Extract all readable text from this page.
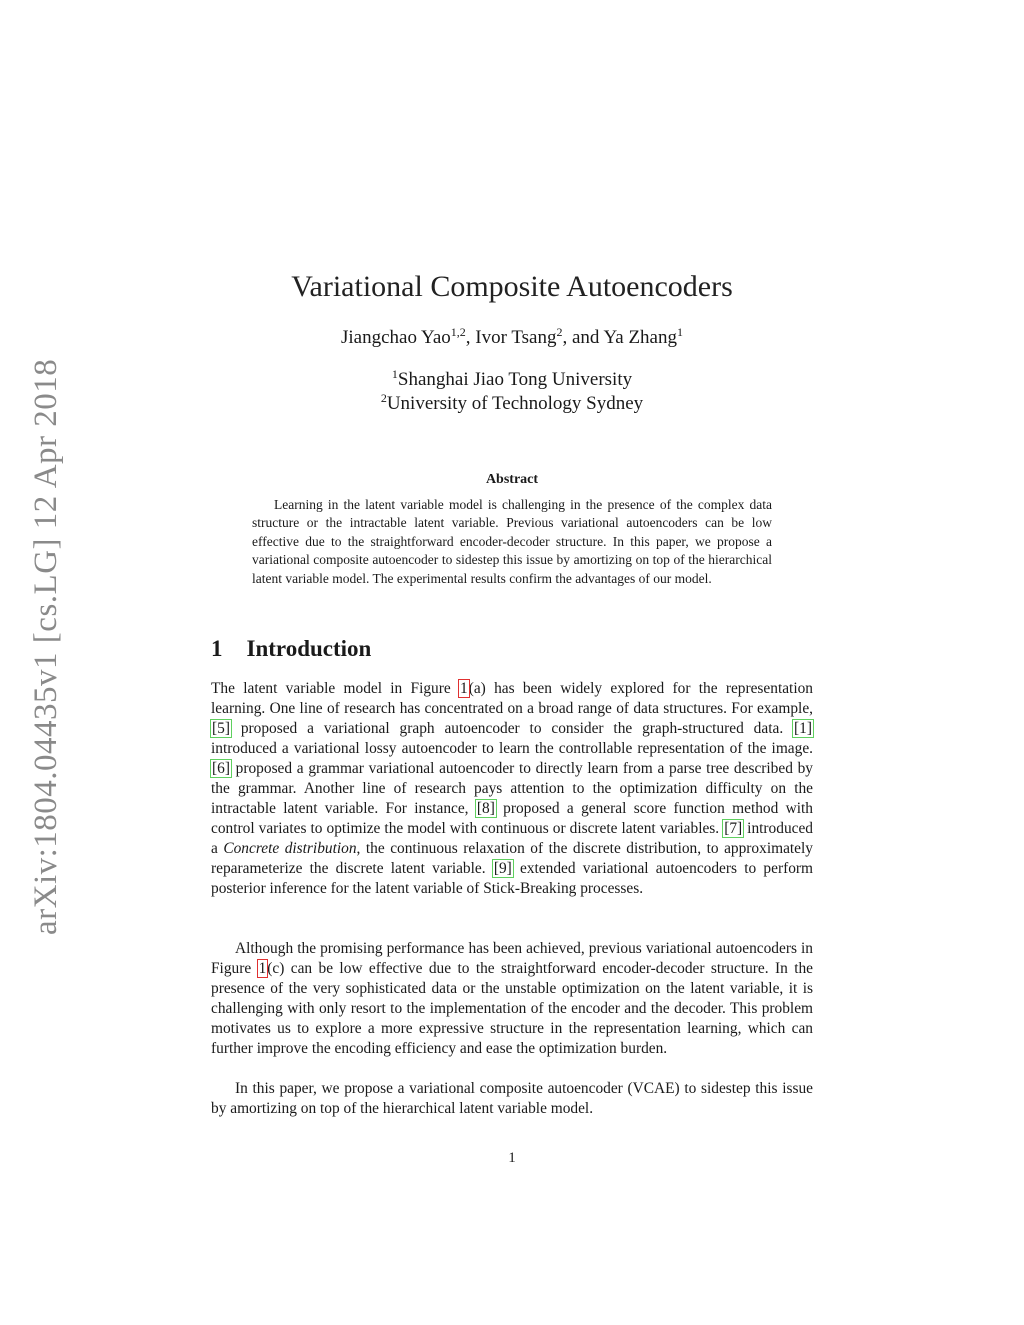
arXiv:1804.04435v1 [cs.LG] 12 Apr 2018
Variational Composite Autoencoders
Jiangchao Yao$^{1,2}$, Ivor Tsang$^2$, and Ya Zhang$^1$
$^1$Shanghai Jiao Tong University
$^2$University of Technology Sydney
Abstract
Learning in the latent variable model is challenging in the presence of the complex data structure or the intractable latent variable. Previous variational autoencoders can be low effective due to the straightforward encoder-decoder structure. In this paper, we propose a variational composite autoencoder to sidestep this issue by amortizing on top of the hierarchical latent variable model. The experimental results confirm the advantages of our model.
1 Introduction

The latent variable model in Figure 1(a) has been widely explored for the representation learning. One line of research has concentrated on a broad range of data structures. For example, [5] proposed a variational graph autoencoder to consider the graph-structured data. [1] introduced a variational lossy autoencoder to learn the controllable representation of the image. [6] proposed a grammar variational autoencoder to directly learn from a parse tree described by the grammar. Another line of research pays attention to the optimization difficulty on the intractable latent variable. For instance, [8] proposed a general score function method with control variates to optimize the model with continuous or discrete latent variables. [7] introduced a Concrete distribution, the continuous relaxation of the discrete distribution, to approximately reparameterize the discrete latent variable. [9] extended variational autoencoders to perform posterior inference for the latent variable of Stick-Breaking processes.

Although the promising performance has been achieved, previous variational autoencoders in Figure 1(c) can be low effective due to the straightforward encoder-decoder structure. In the presence of the very sophisticated data or the unstable optimization on the latent variable, it is challenging with only resort to the implementation of the encoder and the decoder. This problem motivates us to explore a more expressive structure in the representation learning, which can further improve the encoding efficiency and ease the optimization burden.

In this paper, we propose a variational composite autoencoder (VCAE) to sidestep this issue by amortizing on top of the hierarchical latent variable model.

1
